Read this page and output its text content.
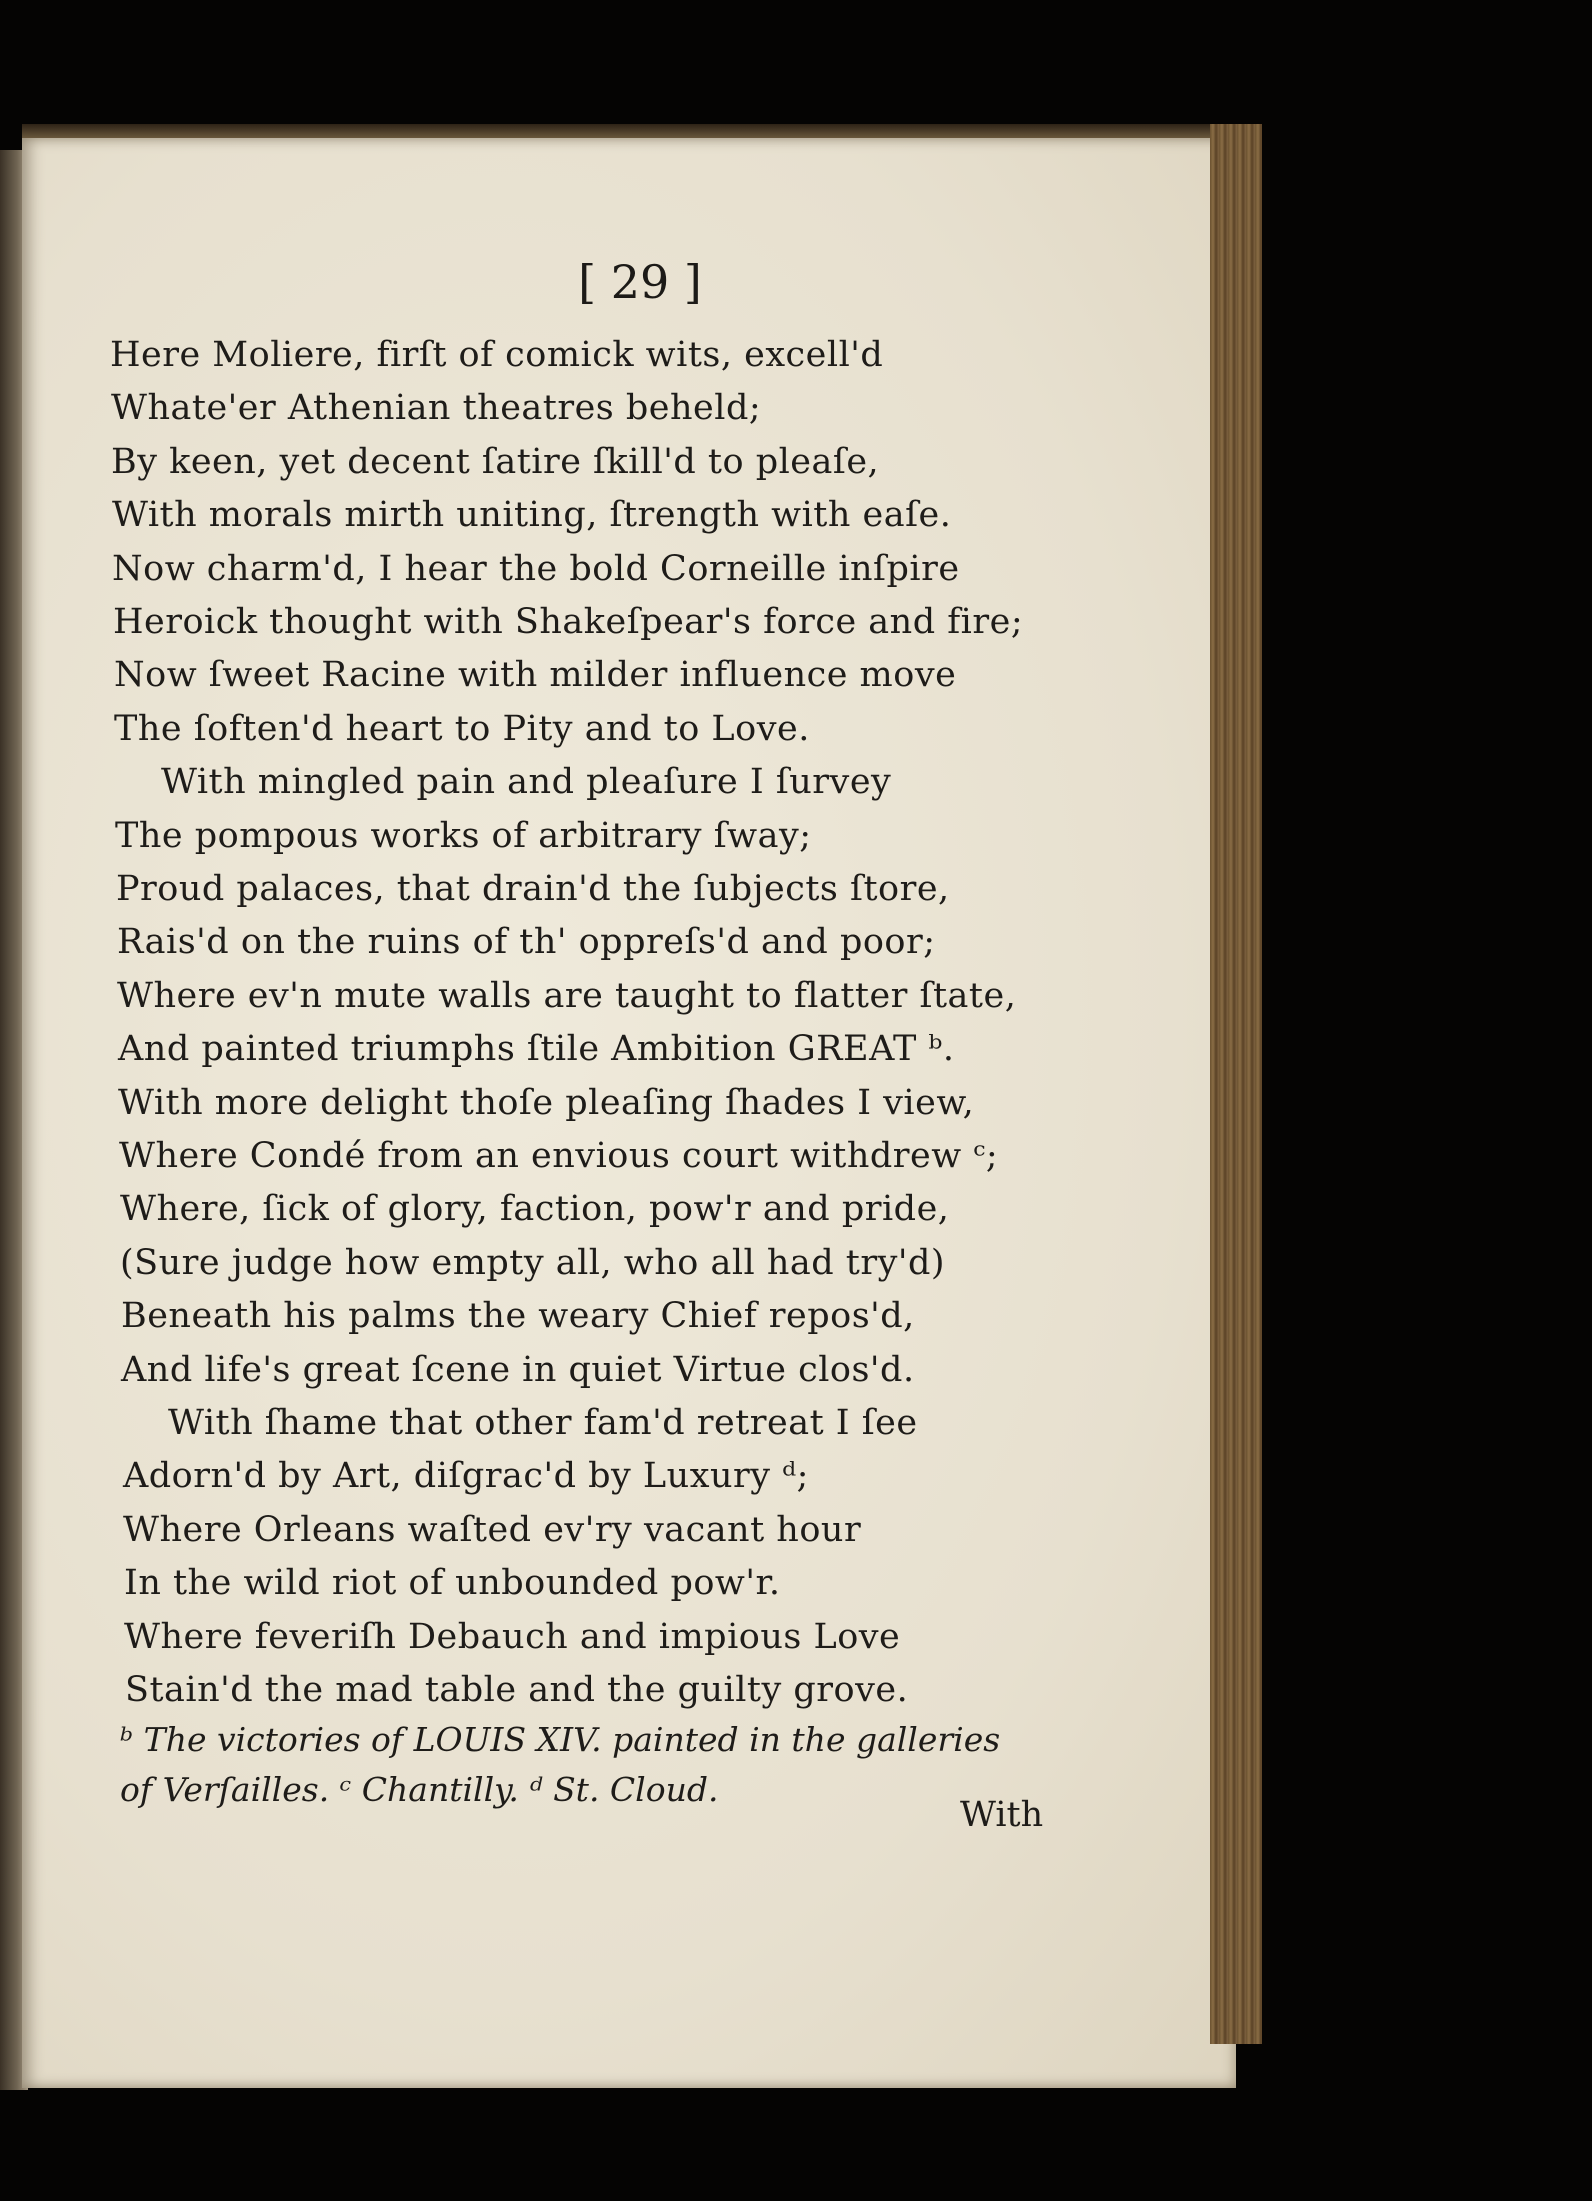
[ 29 ]
Here Moliere, firſt of comick wits, excell'd
Whate'er Athenian theatres beheld;
By keen, yet decent ſatire ſkill'd to pleaſe,
With morals mirth uniting, ſtrength with eaſe.
Now charm'd, I hear the bold Corneille inſpire
Heroick thought with Shakeſpear's force and fire;
Now ſweet Racine with milder influence move
The ſoften'd heart to Pity and to Love.
With mingled pain and pleaſure I ſurvey
The pompous works of arbitrary ſway;
Proud palaces, that drain'd the ſubjects ſtore,
Rais'd on the ruins of th' oppreſs'd and poor;
Where ev'n mute walls are taught to flatter ſtate,
And painted triumphs ſtile Ambition GREAT ᵇ.
With more delight thoſe pleaſing ſhades I view,
Where Condé from an envious court withdrew ᶜ;
Where, ſick of glory, faction, pow'r and pride,
(Sure judge how empty all, who all had try'd)
Beneath his palms the weary Chief repos'd,
And life's great ſcene in quiet Virtue clos'd.
With ſhame that other fam'd retreat I ſee
Adorn'd by Art, diſgrac'd by Luxury ᵈ;
Where Orleans waſted ev'ry vacant hour
In the wild riot of unbounded pow'r.
Where feveriſh Debauch and impious Love
Stain'd the mad table and the guilty grove.
ᵇ The victories of LOUIS XIV. painted in the galleries
of Verſailles. ᶜ Chantilly. ᵈ St. Cloud.
With
